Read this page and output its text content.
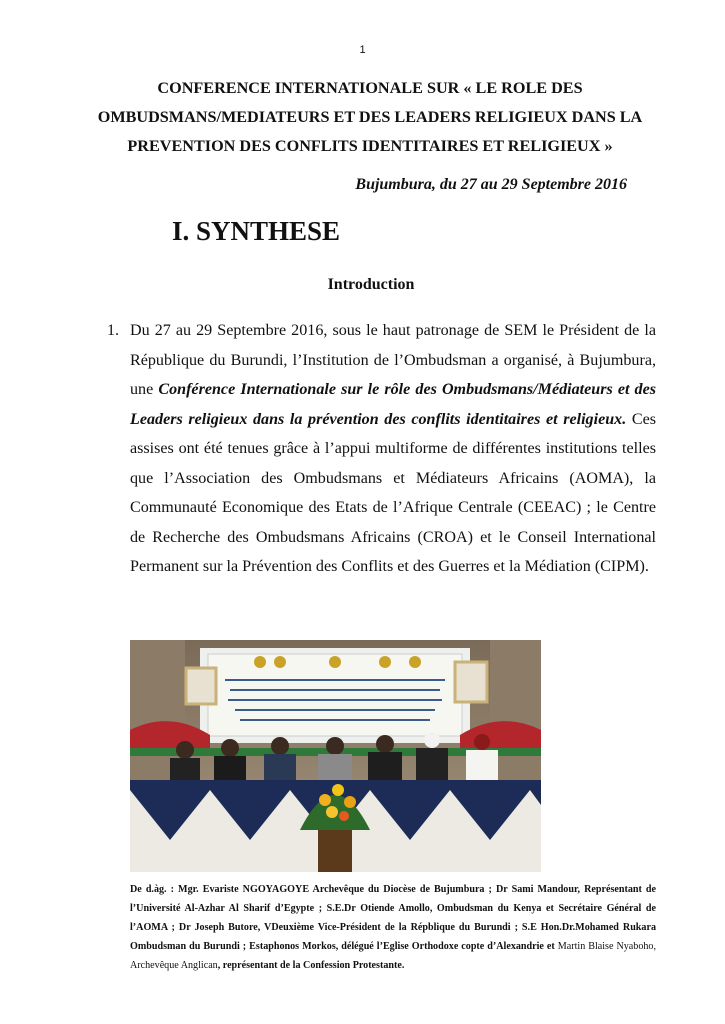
1
CONFERENCE INTERNATIONALE SUR « LE ROLE DES OMBUDSMANS/MEDIATEURS ET DES LEADERS RELIGIEUX DANS LA PREVENTION DES CONFLITS IDENTITAIRES ET RELIGIEUX »
Bujumbura, du 27 au 29 Septembre 2016
I. SYNTHESE
Introduction
1. Du 27 au 29 Septembre 2016, sous le haut patronage de SEM le Président de la République du Burundi, l’Institution de l’Ombudsman a organisé, à Bujumbura, une Conférence Internationale sur le rôle des Ombudsmans/Médiateurs et des Leaders religieux dans la prévention des conflits identitaires et religieux. Ces assises ont été tenues grâce à l’appui multiforme de différentes institutions telles que l’Association des Ombudsmans et Médiateurs Africains (AOMA), la Communauté Economique des Etats de l’Afrique Centrale (CEEAC) ; le Centre de Recherche des Ombudsmans Africains (CROA) et le Conseil International Permanent sur la Prévention des Conflits et des Guerres et la Médiation (CIPM).
De d.àg. : Mgr. Evariste NGOYAGOYE Archevêque du Diocèse de Bujumbura ; Dr Sami Mandour, Représentant de l’Université Al-Azhar Al Sharif d’Egypte ; S.E.Dr Otiende Amollo, Ombudsman du Kenya et Secrétaire Général de l’AOMA ; Dr Joseph Butore, VDeuxième Vice-Président de la Répblique du Burundi ; S.E Hon.Dr.Mohamed Rukara Ombudsman du Burundi ; Estaphonos Morkos, délégué l’Eglise Orthodoxe copte d’Alexandrie et Martin Blaise Nyaboho, Archevêque Anglican, représentant de la Confession Protestante.
